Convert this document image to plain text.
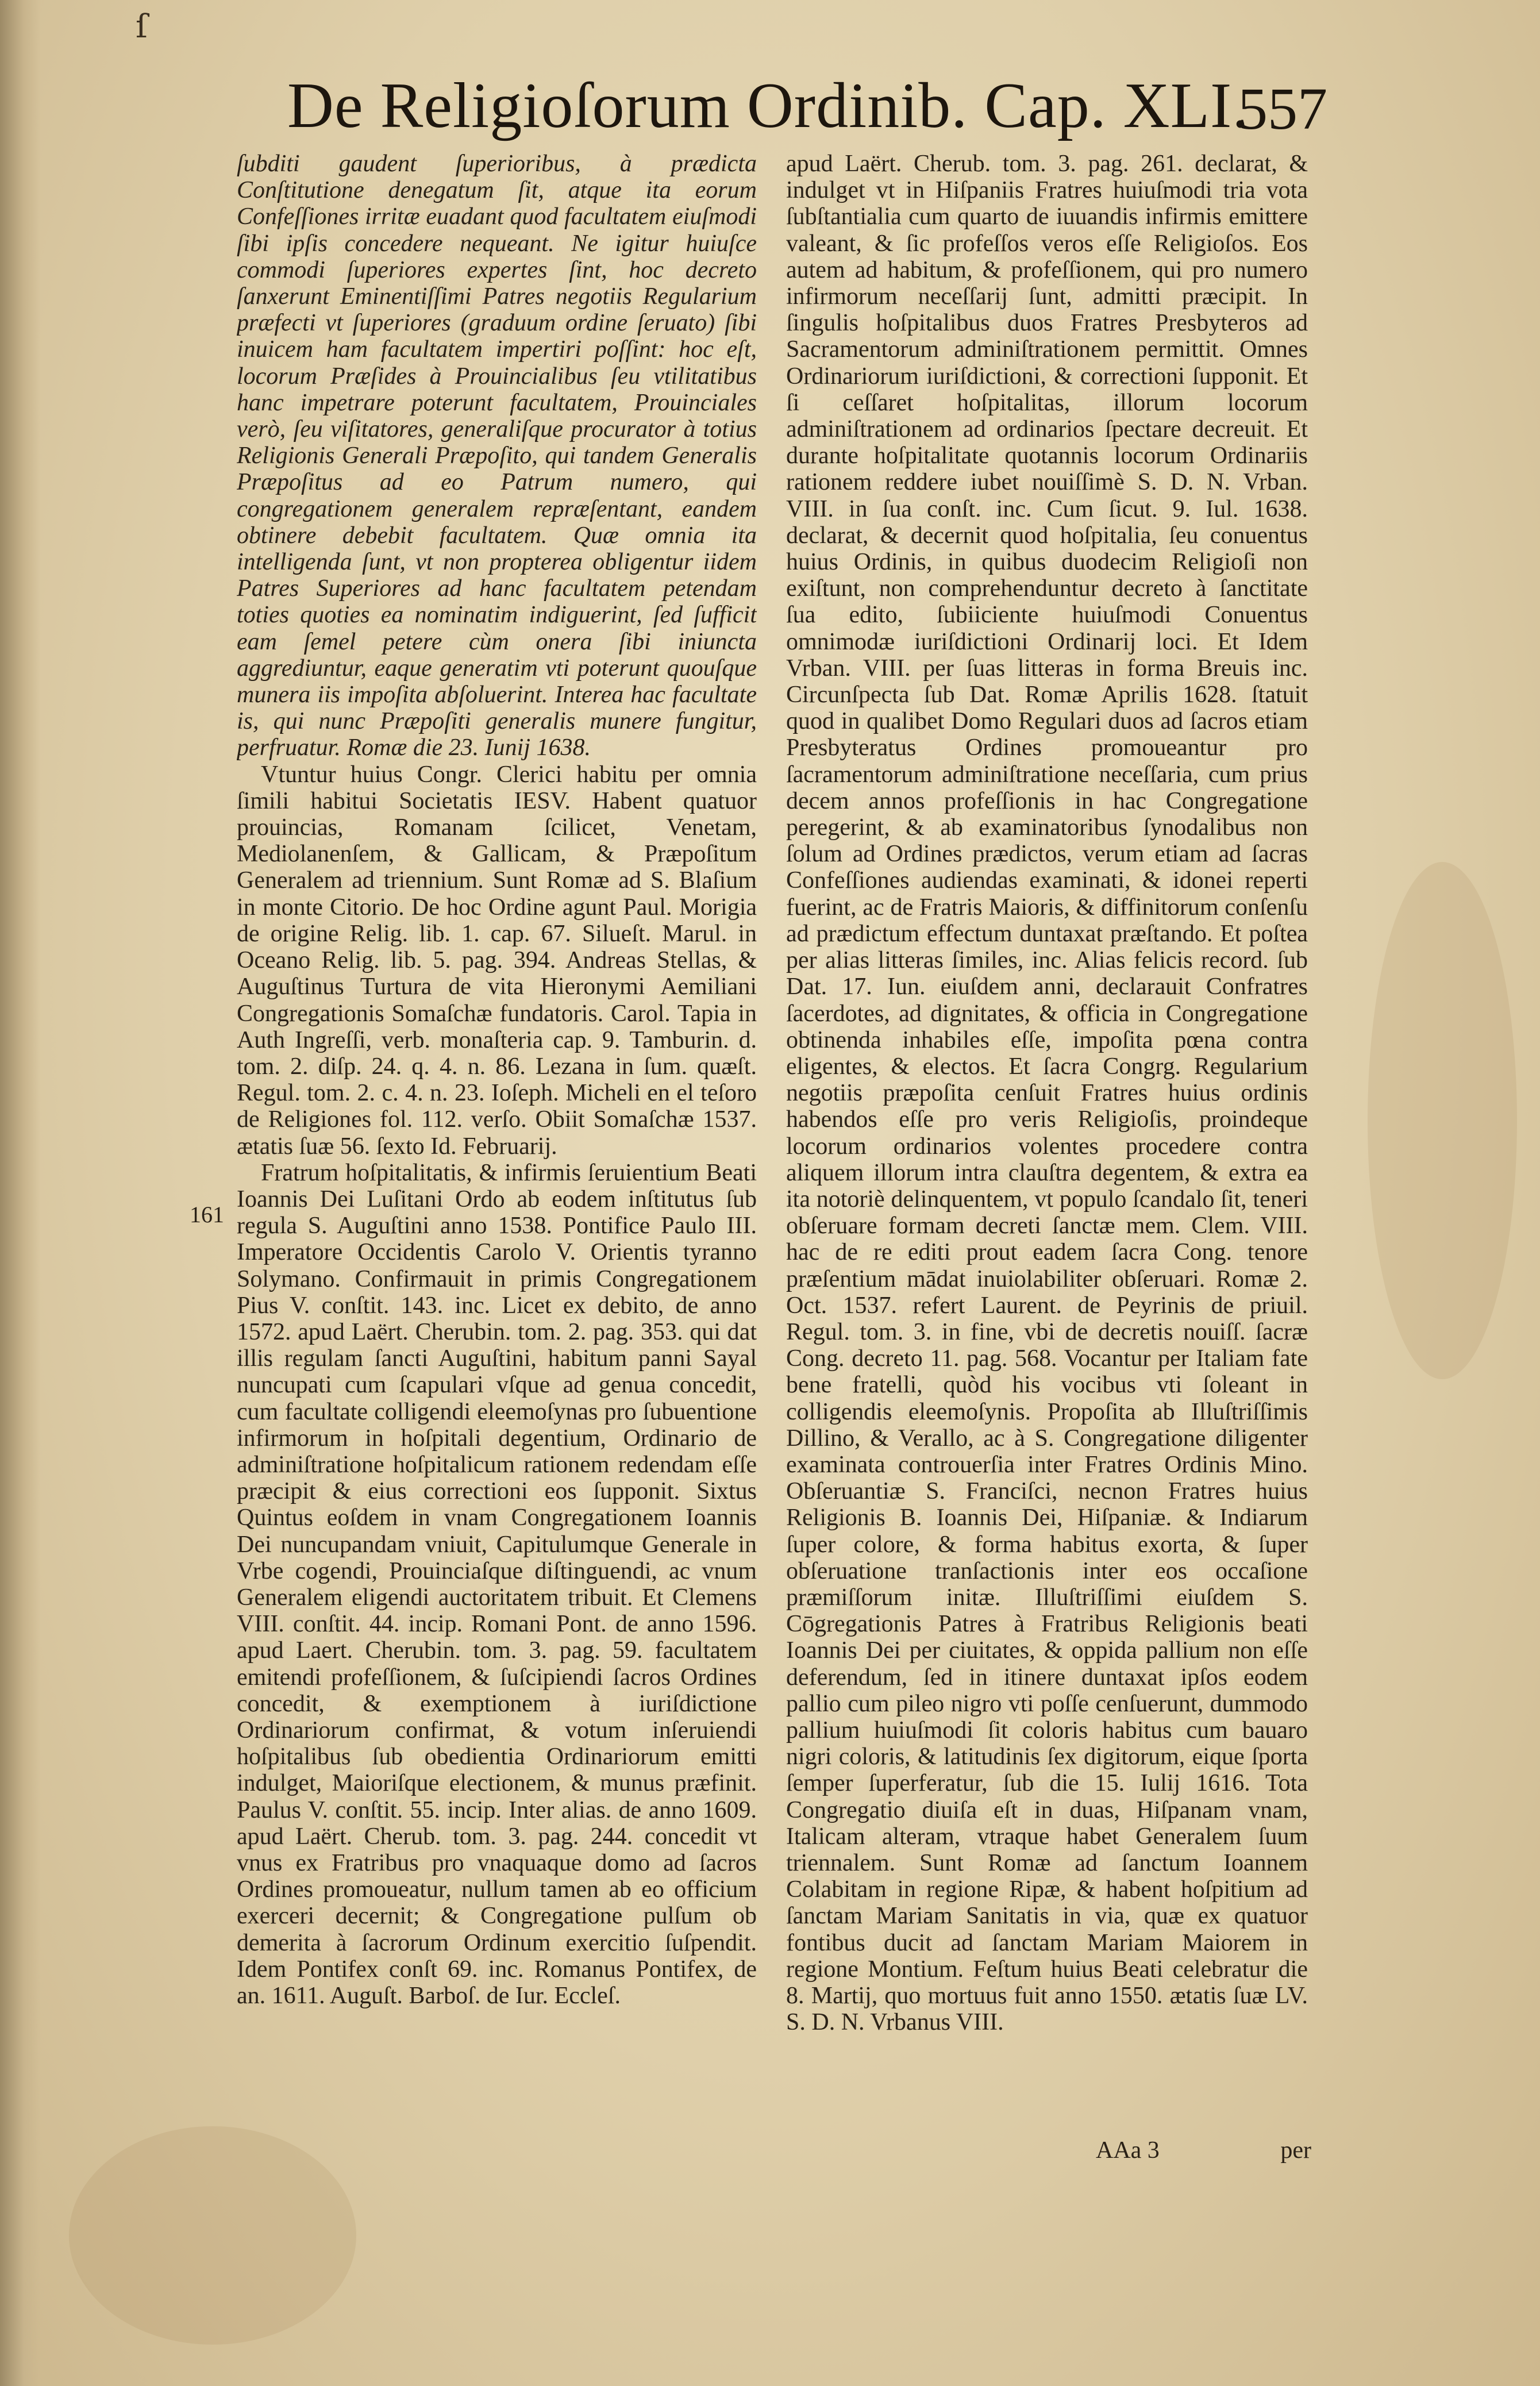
ſ
De Religioſorum Ordinib. Cap. XLI.
557

ſubditi gaudent ſuperioribus, à prædicta Conſtitutione denegatum ſit, atque ita eorum Confeſſiones irritæ euadant quod facultatem eiuſmodi ſibi ipſis concedere nequeant. Ne igitur huiuſce commodi ſuperiores expertes ſint, hoc decreto ſanxerunt Eminentiſſimi Patres negotiis Regularium præfecti vt ſuperiores (graduum ordine ſeruato) ſibi inuicem ham facultatem impertiri poſſint: hoc eſt, locorum Præſides à Prouincialibus ſeu vtilitatibus hanc impetrare poterunt facultatem, Prouinciales verò, ſeu viſitatores, generaliſque procurator à totius Religionis Generali Præpoſito, qui tandem Generalis Præpoſitus ad eo Patrum numero, qui congregationem generalem repræſentant, eandem obtinere debebit facultatem. Quæ omnia ita intelligenda ſunt, vt non propterea obligentur iidem Patres Superiores ad hanc facultatem petendam toties quoties ea nominatim indiguerint, ſed ſufficit eam ſemel petere cùm onera ſibi iniuncta aggrediuntur, eaque generatim vti poterunt quouſque munera iis impoſita abſoluerint. Interea hac facultate is, qui nunc Præpoſiti generalis munere fungitur, perfruatur. Romæ die 23. Iunij 1638.

Vtuntur huius Congr. Clerici habitu per omnia ſimili habitui Societatis IESV. Habent quatuor prouincias, Romanam ſcilicet, Venetam, Mediolanenſem, & Gallicam, & Præpoſitum Generalem ad triennium. Sunt Romæ ad S. Blaſium in monte Citorio. De hoc Ordine agunt Paul. Morigia de origine Relig. lib. 1. cap. 67. Silueſt. Marul. in Oceano Relig. lib. 5. pag. 394. Andreas Stellas, & Auguſtinus Turtura de vita Hieronymi Aemiliani Congregationis Somaſchæ fundatoris. Carol. Tapia in Auth Ingreſſi, verb. monaſteria cap. 9. Tamburin. d. tom. 2. diſp. 24. q. 4. n. 86. Lezana in ſum. quæſt. Regul. tom. 2. c. 4. n. 23. Ioſeph. Micheli en el teſoro de Religiones fol. 112. verſo. Obiit Somaſchæ 1537. ætatis ſuæ 56. ſexto Id. Februarij.

Fratrum hoſpitalitatis, & infirmis ſeruientium Beati Ioannis Dei Luſitani Ordo ab eodem inſtitutus ſub regula S. Auguſtini anno 1538. Pontifice Paulo III. Imperatore Occidentis Carolo V. Orientis tyranno Solymano. Confirmauit in primis Congregationem Pius V. conſtit. 143. inc. Licet ex debito, de anno 1572. apud Laërt. Cherubin. tom. 2. pag. 353. qui dat illis regulam ſancti Auguſtini, habitum panni Sayal nuncupati cum ſcapulari vſque ad genua concedit, cum facultate colligendi eleemoſynas pro ſubuentione infirmorum in hoſpitali degentium, Ordinario de adminiſtratione hoſpitalicum rationem redendam eſſe præcipit & eius correctioni eos ſupponit. Sixtus Quintus eoſdem in vnam Congregationem Ioannis Dei nuncupandam vniuit, Capitulumque Generale in Vrbe cogendi, Prouinciaſque diſtinguendi, ac vnum Generalem eligendi auctoritatem tribuit. Et Clemens VIII. conſtit. 44. incip. Romani Pont. de anno 1596. apud Laert. Cherubin. tom. 3. pag. 59. facultatem emitendi profeſſionem, & ſuſcipiendi ſacros Ordines concedit, & exemptionem à iuriſdictione Ordinariorum confirmat, & votum inſeruiendi hoſpitalibus ſub obedientia Ordinariorum emitti indulget, Maioriſque electionem, & munus præfinit. Paulus V. conſtit. 55. incip. Inter alias. de anno 1609. apud Laërt. Cherub. tom. 3. pag. 244. concedit vt vnus ex Fratribus pro vnaquaque domo ad ſacros Ordines promoueatur, nullum tamen ab eo officium exerceri decernit; & Congregatione pulſum ob demerita à ſacrorum Ordinum exercitio ſuſpendit. Idem Pontifex conſt 69. inc. Romanus Pontifex, de an. 1611. Auguſt. Barboſ. de Iur. Eccleſ.

161

apud Laërt. Cherub. tom. 3. pag. 261. declarat, & indulget vt in Hiſpaniis Fratres huiuſmodi tria vota ſubſtantialia cum quarto de iuuandis infirmis emittere valeant, & ſic profeſſos veros eſſe Religioſos. Eos autem ad habitum, & profeſſionem, qui pro numero infirmorum neceſſarij ſunt, admitti præcipit. In ſingulis hoſpitalibus duos Fratres Presbyteros ad Sacramentorum adminiſtrationem permittit. Omnes Ordinariorum iuriſdictioni, & correctioni ſupponit. Et ſi ceſſaret hoſpitalitas, illorum locorum adminiſtrationem ad ordinarios ſpectare decreuit. Et durante hoſpitalitate quotannis locorum Ordinariis rationem reddere iubet nouiſſimè S. D. N. Vrban. VIII. in ſua conſt. inc. Cum ſicut. 9. Iul. 1638. declarat, & decernit quod hoſpitalia, ſeu conuentus huius Ordinis, in quibus duodecim Religioſi non exiſtunt, non comprehenduntur decreto à ſanctitate ſua edito, ſubiiciente huiuſmodi Conuentus omnimodæ iuriſdictioni Ordinarij loci. Et Idem Vrban. VIII. per ſuas litteras in forma Breuis inc. Circunſpecta ſub Dat. Romæ Aprilis 1628. ſtatuit quod in qualibet Domo Regulari duos ad ſacros etiam Presbyteratus Ordines promoueantur pro ſacramentorum adminiſtratione neceſſaria, cum prius decem annos profeſſionis in hac Congregatione peregerint, & ab examinatoribus ſynodalibus non ſolum ad Ordines prædictos, verum etiam ad ſacras Confeſſiones audiendas examinati, & idonei reperti fuerint, ac de Fratris Maioris, & diffinitorum conſenſu ad prædictum effectum duntaxat præſtando. Et poſtea per alias litteras ſimiles, inc. Alias felicis record. ſub Dat. 17. Iun. eiuſdem anni, declarauit Confratres ſacerdotes, ad dignitates, & officia in Congregatione obtinenda inhabiles eſſe, impoſita pœna contra eligentes, & electos. Et ſacra Congrg. Regularium negotiis præpoſita cenſuit Fratres huius ordinis habendos eſſe pro veris Religioſis, proindeque locorum ordinarios volentes procedere contra aliquem illorum intra clauſtra degentem, & extra ea ita notoriè delinquentem, vt populo ſcandalo ſit, teneri obſeruare formam decreti ſanctæ mem. Clem. VIII. hac de re editi prout eadem ſacra Cong. tenore præſentium mādat inuiolabiliter obſeruari. Romæ 2. Oct. 1537. refert Laurent. de Peyrinis de priuil. Regul. tom. 3. in fine, vbi de decretis nouiſſ. ſacræ Cong. decreto 11. pag. 568. Vocantur per Italiam fate bene fratelli, quòd his vocibus vti ſoleant in colligendis eleemoſynis. Propoſita ab Illuſtriſſimis Dillino, & Verallo, ac à S. Congregatione diligenter examinata controuerſia inter Fratres Ordinis Mino. Obſeruantiæ S. Franciſci, necnon Fratres huius Religionis B. Ioannis Dei, Hiſpaniæ. & Indiarum ſuper colore, & forma habitus exorta, & ſuper obſeruatione tranſactionis inter eos occaſione præmiſſorum initæ. Illuſtriſſimi eiuſdem S. Cōgregationis Patres à Fratribus Religionis beati Ioannis Dei per ciuitates, & oppida pallium non eſſe deferendum, ſed in itinere duntaxat ipſos eodem pallio cum pileo nigro vti poſſe cenſuerunt, dummodo pallium huiuſmodi ſit coloris habitus cum bauaro nigri coloris, & latitudinis ſex digitorum, eique ſporta ſemper ſuperferatur, ſub die 15. Iulij 1616. Tota Congregatio diuiſa eſt in duas, Hiſpanam vnam, Italicam alteram, vtraque habet Generalem ſuum triennalem. Sunt Romæ ad ſanctum Ioannem Colabitam in regione Ripæ, & habent hoſpitium ad ſanctam Mariam Sanitatis in via, quæ ex quatuor fontibus ducit ad ſanctam Mariam Maiorem in regione Montium. Feſtum huius Beati celebratur die 8. Martij, quo mortuus fuit anno 1550. ætatis ſuæ LV. S. D. N. Vrbanus VIII.

AAa 3	per
